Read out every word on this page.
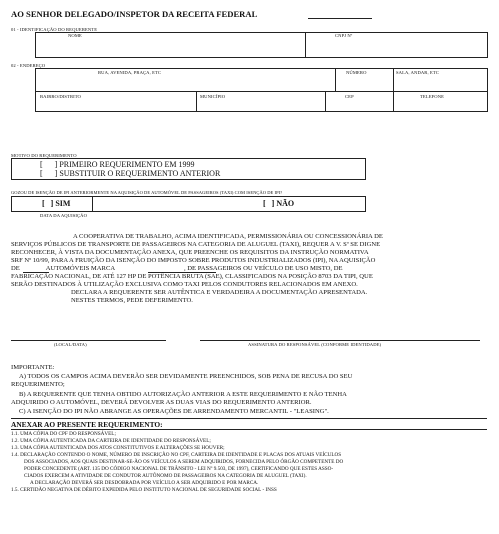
AO SENHOR DELEGADO/INSPETOR DA RECEITA FEDERAL
01 - IDENTIFICAÇÃO DO REQUERENTE
NOME	CNPJ Nº
02 - ENDEREÇO
RUA, AVENIDA, PRAÇA, ETC	NÚMERO	SALA, ANDAR, ETC
BAIRRO/DISTRITO	MUNICÍPIO	CEP	TELEFONE
MOTIVO DO REQUERIMENTO
[      ] PRIMEIRO REQUERIMENTO EM 1999
[      ] SUBSTITUIR O REQUERIMENTO ANTERIOR
GOZOU DE ISENÇÃO DE IPI ANTERIORMENTE NA AQUISIÇÃO DE AUTOMÓVEL DE PASSAGEIROS (TAXI) COM ISENÇÃO DE IPI?
[   ] SIM	[   ] NÃO
DATA DA AQUISIÇÃO
A COOPERATIVA DE TRABALHO, ACIMA IDENTIFICADA, PERMISSIONÁRIA OU CONCESSIONÁRIA DE
SERVIÇOS PÚBLICOS DE TRANSPORTE DE PASSAGEIROS NA CATEGORIA DE ALUGUEL (TAXI), REQUER A V. Sª SE DIGNE
RECONHECER, À VISTA DA DOCUMENTAÇÃO ANEXA, QUE PREENCHE OS REQUISITOS DA INSTRUÇÃO NORMATIVA
SRF Nº 10/99, PARA A FRUIÇÃO DA ISENÇÃO DO IMPOSTO SOBRE PRODUTOS INDUSTRIALIZADOS (IPI), NA AQUISIÇÃO
DE                AUTOMÓVEIS MARCA                                          , DE PASSAGEIROS OU VEÍCULO DE USO MISTO, DE
FABRICAÇÃO NACIONAL, DE ATÉ 127 HP DE POTÊNCIA BRUTA (SAE), CLASSIFICADOS NA POSIÇÃO 8703 DA TIPI, QUE
SERÃO DESTINADOS À UTILIZAÇÃO EXCLUSIVA COMO TAXI PELOS CONDUTORES RELACIONADOS EM ANEXO.
DECLARA A REQUERENTE SER AUTÊNTICA E VERDADEIRA A DOCUMENTAÇÃO APRESENTADA.
NESTES TERMOS, PEDE DEFERIMENTO.
(LOCAL/DATA)	ASSINATURA DO RESPONSÁVEL (CONFORME IDENTIDADE)
IMPORTANTE:
A) TODOS OS CAMPOS ACIMA DEVERÃO SER DEVIDAMENTE PREENCHIDOS, SOB PENA DE RECUSA DO SEU
REQUERIMENTO;
B) A REQUERENTE QUE TENHA OBTIDO AUTORIZAÇÃO ANTERIOR A ESTE REQUERIMENTO E NÃO TENHA
ADQUIRIDO O AUTOMÓVEL, DEVERÁ DEVOLVER AS DUAS VIAS DO REQUERIMENTO ANTERIOR.
C) A ISENÇÃO DO IPI NÃO ABRANGE AS OPERAÇÕES DE ARRENDAMENTO MERCANTIL - "LEASING".
ANEXAR AO PRESENTE REQUERIMENTO:
1.1. UMA CÓPIA DO CPF DO RESPONSÁVEL;
1.2. UMA CÓPIA AUTENTICADA DA CARTEIRA DE IDENTIDADE DO RESPONSÁVEL;
1.3. UMA CÓPIA AUTENTICADA DOS ATOS CONSTITUTIVOS E ALTERAÇÕES SE HOUVER;
1.4. DECLARAÇÃO CONTENDO O NOME, NÚMERO DE INSCRIÇÃO NO CPF, CARTEIRA DE IDENTIDADE E PLACAS DOS ATUAIS VEÍCULOS
DOS ASSOCIADOS, AOS QUAIS DESTINAR-SE-ÃO OS VEÍCULOS A SEREM ADQUIRIDOS, FORNECIDA PELO ÓRGÃO COMPETENTE DO
PODER CONCEDENTE (ART. 135 DO CÓDIGO NACIONAL DE TRÂNSITO - LEI Nº 9.503, DE 1997), CERTIFICANDO QUE ESTES ASSO-
CIADOS EXERCEM A ATIVIDADE DE CONDUTOR AUTÔNOMO DE PASSAGEIROS NA CATEGORIA DE ALUGUEL (TAXI).
A DECLARAÇÃO DEVERÁ SER DESDOBRADA POR VEÍCULO A SER ADQUIRIDO E POR MARCA.
1.5. CERTIDÃO NEGATIVA DE DÉBITO EXPEDIDA PELO INSTITUTO NACIONAL DE SEGURIDADE SOCIAL - INSS
